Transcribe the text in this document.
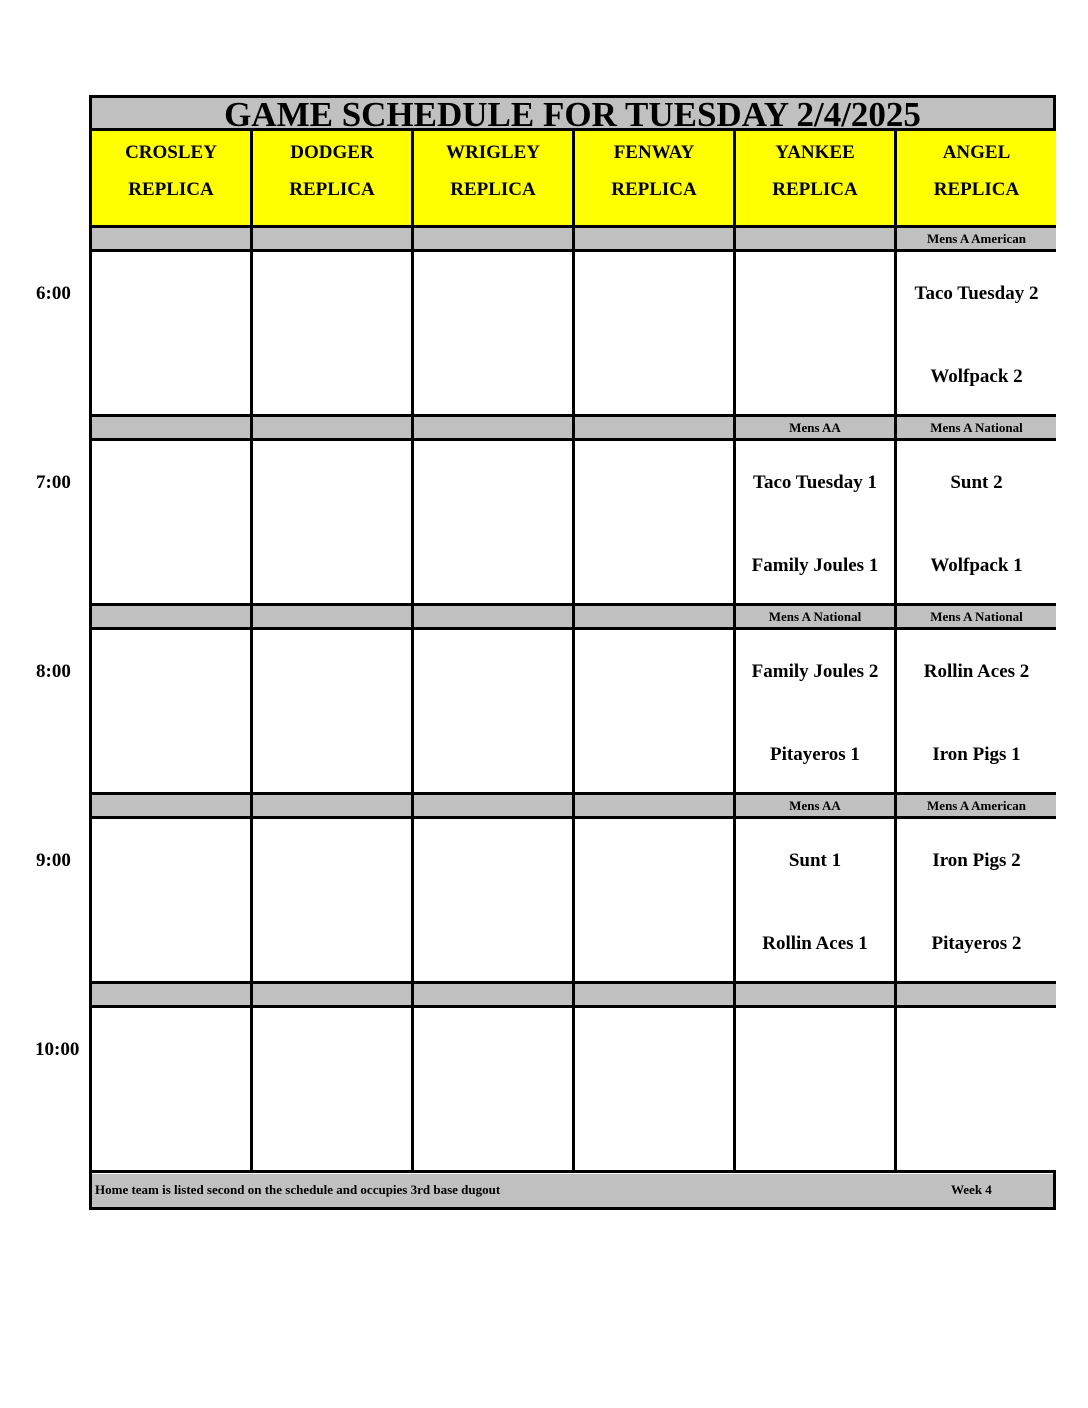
6:00
7:00
8:00
9:00
10:00
GAME SCHEDULE FOR TUESDAY 2/4/2025
CROSLEY
REPLICA
DODGER
REPLICA
WRIGLEY
REPLICA
FENWAY
REPLICA
YANKEE
REPLICA
ANGEL
REPLICA
Mens A American
Taco Tuesday 2
Wolfpack 2
Mens AA
Taco Tuesday 1
Family Joules 1
Mens A National
Sunt 2
Wolfpack 1
Mens A National
Family Joules 2
Pitayeros 1
Mens A National
Rollin Aces 2
Iron Pigs 1
Mens AA
Sunt 1
Rollin Aces 1
Mens A American
Iron Pigs 2
Pitayeros 2
Home team is listed second on the schedule and occupies 3rd base dugout	Week 4
